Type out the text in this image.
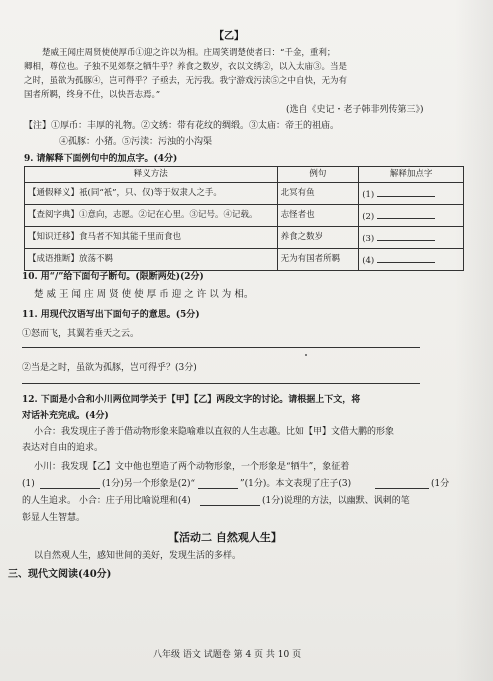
【乙】
楚威王闻庄周贤使使厚币①迎之许以为相。庄周笑谓楚使者曰：“千金，重利；
卿相，尊位也。子独不见郊祭之牺牛乎？养食之数岁，衣以文绣②，以入太庙③。当是
之时，虽欲为孤豚④，岂可得乎？子亟去，无污我。我宁游戏污渎⑤之中自快，无为有
国者所羁，终身不仕，以快吾志焉。”
(选自《史记・老子韩非列传第三》)
【注】①厚币：丰厚的礼物。②文绣：带有花纹的绸缎。③太庙：帝王的祖庙。
④孤豚：小猪。⑤污渎：污浊的小沟渠
9. 请解释下面例句中的加点字。(4分)
释义方法	例句	解释加点字
【通假释义】衹(同“衹”，只、仅)等于奴隶人之手。	北冥有鱼	(1)
【查阅字典】①意向，志愿。②记在心里。③记号。④记载。	志怪者也	(2)
【知识迁移】食马者不知其能千里而食也	养食之数岁	(3)
【成语推断】放荡不羁	无为有国者所羁	(4)
10. 用“/”给下面句子断句。(限断两处)(2分)
楚 威 王 闻 庄 周 贤 使 使 厚 币 迎 之 许 以 为 相。
11. 用现代汉语写出下面句子的意思。(5分)
①怒而飞，其翼若垂天之云。
②当是之时，虽欲为孤豚，岂可得乎？(3分)
12. 下面是小合和小川两位同学关于【甲】【乙】两段文字的讨论。请根据上下文，将
对话补充完成。(4分)
小合：我发现庄子善于借动物形象来隐喻难以直叙的人生志趣。比如【甲】文借大鹏的形象
表达对自由的追求。
小川：我发现【乙】文中他也塑造了两个动物形象，一个形象是“牺牛”，象征着
(1)	(1分)另一个形象是(2)“	”(1分)。本文表现了庄子(3)	(1分
的人生追求。 小合：庄子用比喻说理和(4)	(1分)说理的方法，以幽默、讽刺的笔
彰显人生智慧。
【活动二 自然观人生】
以自然观人生，感知世间的美好，发现生活的多样。
三、现代文阅读(40分)
八年级 语文 试题卷 第 4 页 共 10 页
